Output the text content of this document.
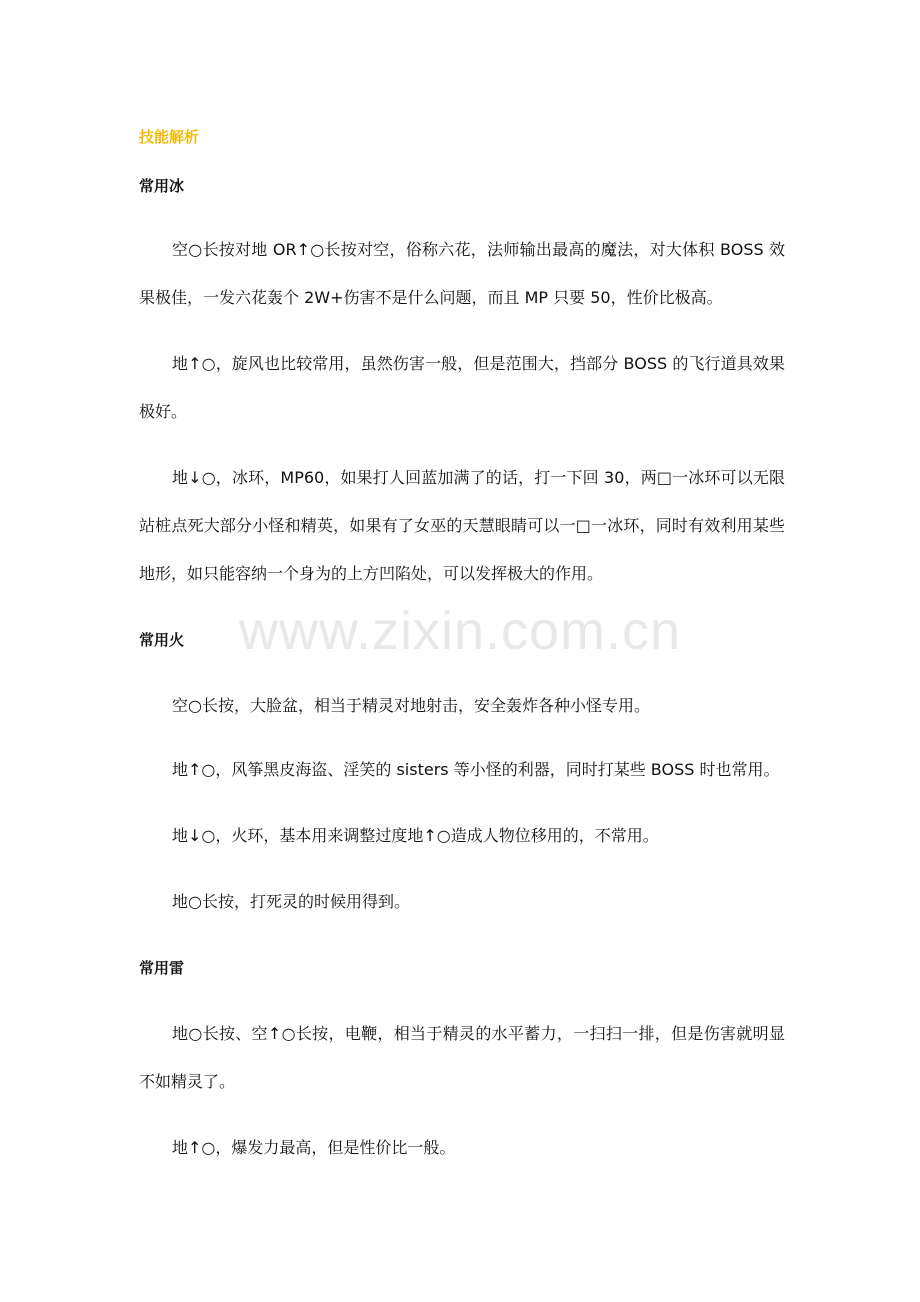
技能解析
常用冰
空○长按对地 OR↑○长按对空，俗称六花，法师输出最高的魔法，对大体积 BOSS 效果极佳，一发六花轰个 2W+伤害不是什么问题，而且 MP 只要 50，性价比极高。
地↑○，旋风也比较常用，虽然伤害一般，但是范围大，挡部分 BOSS 的飞行道具效果极好。
地↓○，冰环，MP60，如果打人回蓝加满了的话，打一下回 30，两□一冰环可以无限站桩点死大部分小怪和精英，如果有了女巫的天慧眼睛可以一□一冰环，同时有效利用某些地形，如只能容纳一个身为的上方凹陷处，可以发挥极大的作用。
常用火
空○长按，大脸盆，相当于精灵对地射击，安全轰炸各种小怪专用。
地↑○，风筝黑皮海盗、淫笑的 sisters 等小怪的利器，同时打某些 BOSS 时也常用。
地↓○，火环，基本用来调整过度地↑○造成人物位移用的，不常用。
地○长按，打死灵的时候用得到。
常用雷
地○长按、空↑○长按，电鞭，相当于精灵的水平蓄力，一扫扫一排，但是伤害就明显不如精灵了。
地↑○，爆发力最高，但是性价比一般。
www.zixin.com.cn
